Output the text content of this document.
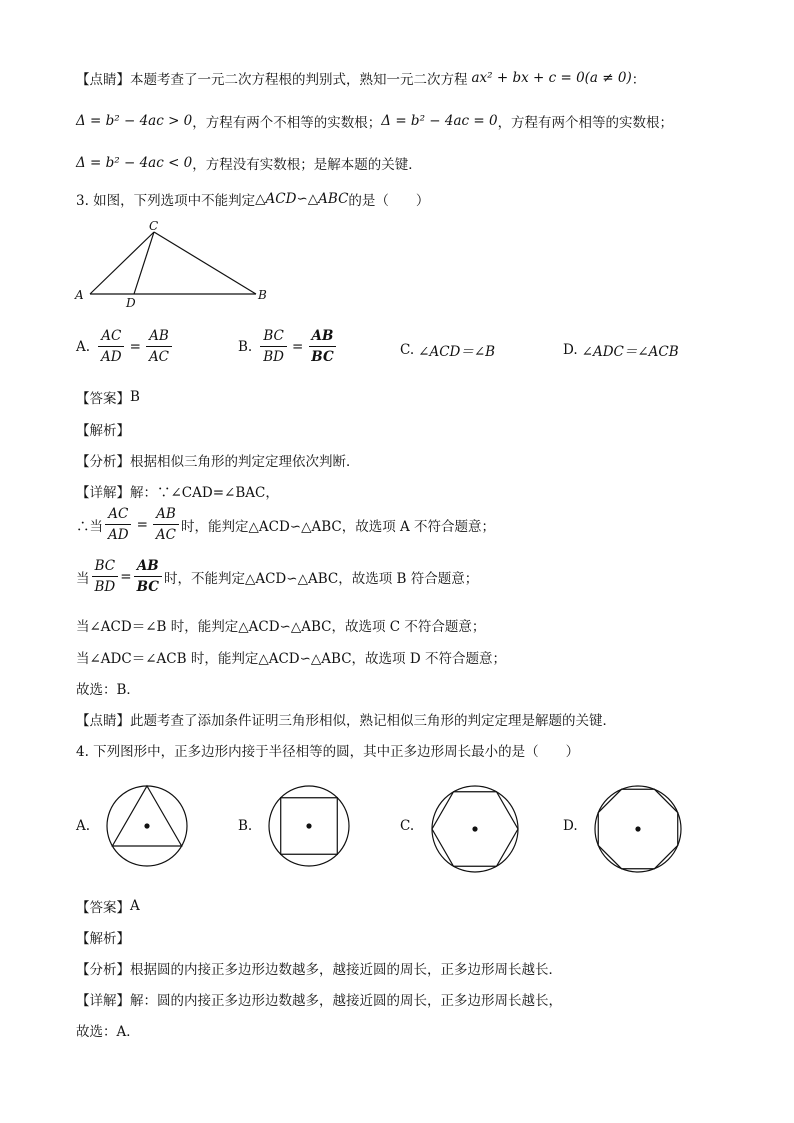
【点睛】 本题考查了一元二次方程根的判别式，熟知一元二次方程 ax² + bx + c = 0(a ≠ 0) ：
Δ = b² − 4ac > 0 ，方程有两个不相等的实数根； Δ = b² − 4ac = 0 ，方程有两个相等的实数根；
Δ = b² − 4ac < 0 ，方程没有实数根；是解本题的关键．
3. 如图，下列选项中不能判定 △ACD∽△ABC 的是（　　）
C
A
D
B
A. $\frac{AC}{AD} = \frac{AB}{AC}$	B. $\frac{BC}{BD} = \frac{AB}{BC}$	C. ∠ACD＝∠B	D. ∠ADC＝∠ACB
【答案】 B
【解析】
【分析】 根据相似三角形的判定定理依次判断．
【详解】 解：∵∠CAD=∠BAC，
∴当 $\frac{AC}{AD} = \frac{AB}{AC}$ 时，能判定△ACD∽△ABC，故选项 A 不符合题意；
当 $\frac{BC}{BD} = \frac{AB}{BC}$ 时，不能判定△ACD∽△ABC，故选项 B 符合题意；
当∠ACD＝∠B 时，能判定△ACD∽△ABC，故选项 C 不符合题意；
当∠ADC＝∠ACB 时，能判定△ACD∽△ABC，故选项 D 不符合题意；
故选：B．
【点睛】 此题考查了添加条件证明三角形相似，熟记相似三角形的判定定理是解题的关键．
4. 下列图形中，正多边形内接于半径相等的圆，其中正多边形周长最小的是（　　）
A.	B.	C.	D.
【答案】 A
【解析】
【分析】 根据圆的内接正多边形边数越多，越接近圆的周长，正多边形周长越长．
【详解】 解：圆的内接正多边形边数越多，越接近圆的周长，正多边形周长越长，
故选：A．
